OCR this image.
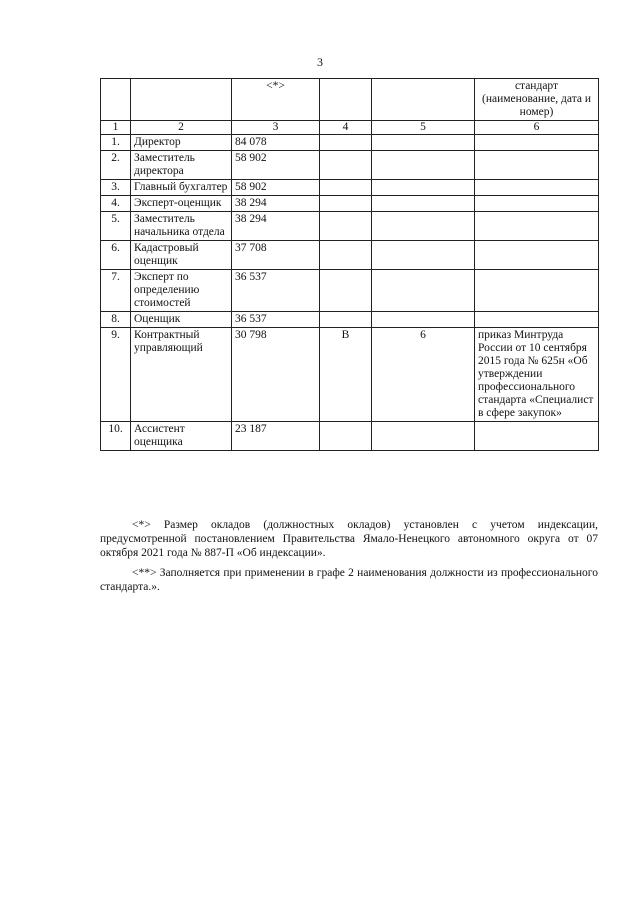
3
		<*>			стандарт (наименование, дата и номер)
1	2	3	4	5	6
1.	Директор	84 078			
2.	Заместитель директора	58 902			
3.	Главный бухгалтер	58 902			
4.	Эксперт-оценщик	38 294			
5.	Заместитель начальника отдела	38 294			
6.	Кадастровый оценщик	37 708			
7.	Эксперт по определению стоимостей	36 537			
8.	Оценщик	36 537			
9.	Контрактный управляющий	30 798	В	6	приказ Минтруда России от 10 сентября 2015 года № 625н «Об утверждении профессионального стандарта «Специалист в сфере закупок»
10.	Ассистент оценщика	23 187			

<*> Размер окладов (должностных окладов) установлен с учетом индексации, предусмотренной постановлением Правительства Ямало-Ненецкого автономного округа от 07 октября 2021 года № 887-П «Об индексации».

<**> Заполняется при применении в графе 2 наименования должности из профессионального стандарта.».
